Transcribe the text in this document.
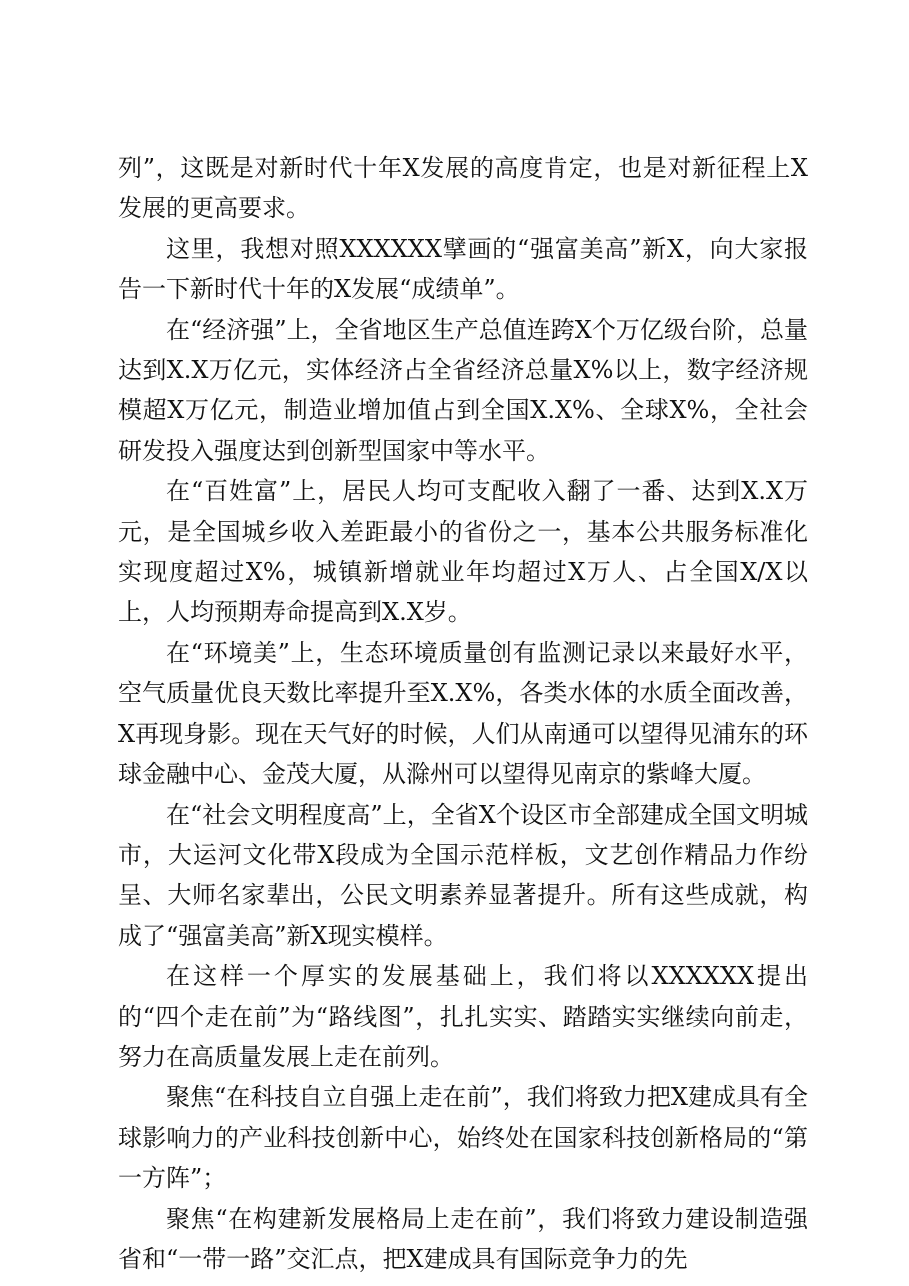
列”，这既是对新时代十年X发展的高度肯定，也是对新征程上X发展的更高要求。

这里，我想对照XXXXXX擘画的“强富美高”新X，向大家报告一下新时代十年的X发展“成绩单”。

在“经济强”上，全省地区生产总值连跨X个万亿级台阶，总量达到X.X万亿元，实体经济占全省经济总量X%以上，数字经济规模超X万亿元，制造业增加值占到全国X.X%、全球X%，全社会研发投入强度达到创新型国家中等水平。

在“百姓富”上，居民人均可支配收入翻了一番、达到X.X万元，是全国城乡收入差距最小的省份之一，基本公共服务标准化实现度超过X%，城镇新增就业年均超过X万人、占全国X/X以上，人均预期寿命提高到X.X岁。

在“环境美”上，生态环境质量创有监测记录以来最好水平，空气质量优良天数比率提升至X.X%，各类水体的水质全面改善，X再现身影。现在天气好的时候，人们从南通可以望得见浦东的环球金融中心、金茂大厦，从滁州可以望得见南京的紫峰大厦。

在“社会文明程度高”上，全省X个设区市全部建成全国文明城市，大运河文化带X段成为全国示范样板，文艺创作精品力作纷呈、大师名家辈出，公民文明素养显著提升。所有这些成就，构成了“强富美高”新X现实模样。

在这样一个厚实的发展基础上，我们将以XXXXXX提出的“四个走在前”为“路线图”，扎扎实实、踏踏实实继续向前走，努力在高质量发展上走在前列。

聚焦“在科技自立自强上走在前”，我们将致力把X建成具有全球影响力的产业科技创新中心，始终处在国家科技创新格局的“第一方阵”；

聚焦“在构建新发展格局上走在前”，我们将致力建设制造强省和“一带一路”交汇点，把X建成具有国际竞争力的先
